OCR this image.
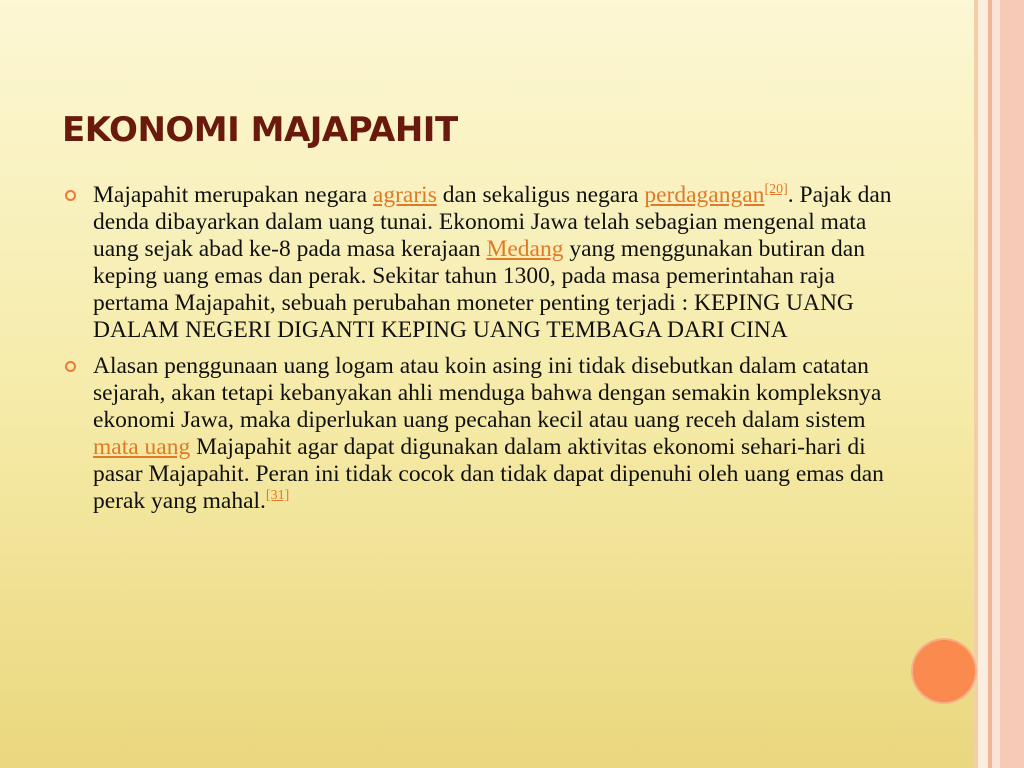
EKONOMI MAJAPAHIT
Majapahit merupakan negara agraris dan sekaligus negara perdagangan[20]. Pajak dan denda dibayarkan dalam uang tunai. Ekonomi Jawa telah sebagian mengenal mata uang sejak abad ke-8 pada masa kerajaan Medang yang menggunakan butiran dan keping uang emas dan perak. Sekitar tahun 1300, pada masa pemerintahan raja pertama Majapahit, sebuah perubahan moneter penting terjadi : KEPING UANG DALAM NEGERI DIGANTI KEPING UANG TEMBAGA DARI CINA
Alasan penggunaan uang logam atau koin asing ini tidak disebutkan dalam catatan sejarah, akan tetapi kebanyakan ahli menduga bahwa dengan semakin kompleksnya ekonomi Jawa, maka diperlukan uang pecahan kecil atau uang receh dalam sistem mata uang Majapahit agar dapat digunakan dalam aktivitas ekonomi sehari-hari di pasar Majapahit. Peran ini tidak cocok dan tidak dapat dipenuhi oleh uang emas dan perak yang mahal.[31]
